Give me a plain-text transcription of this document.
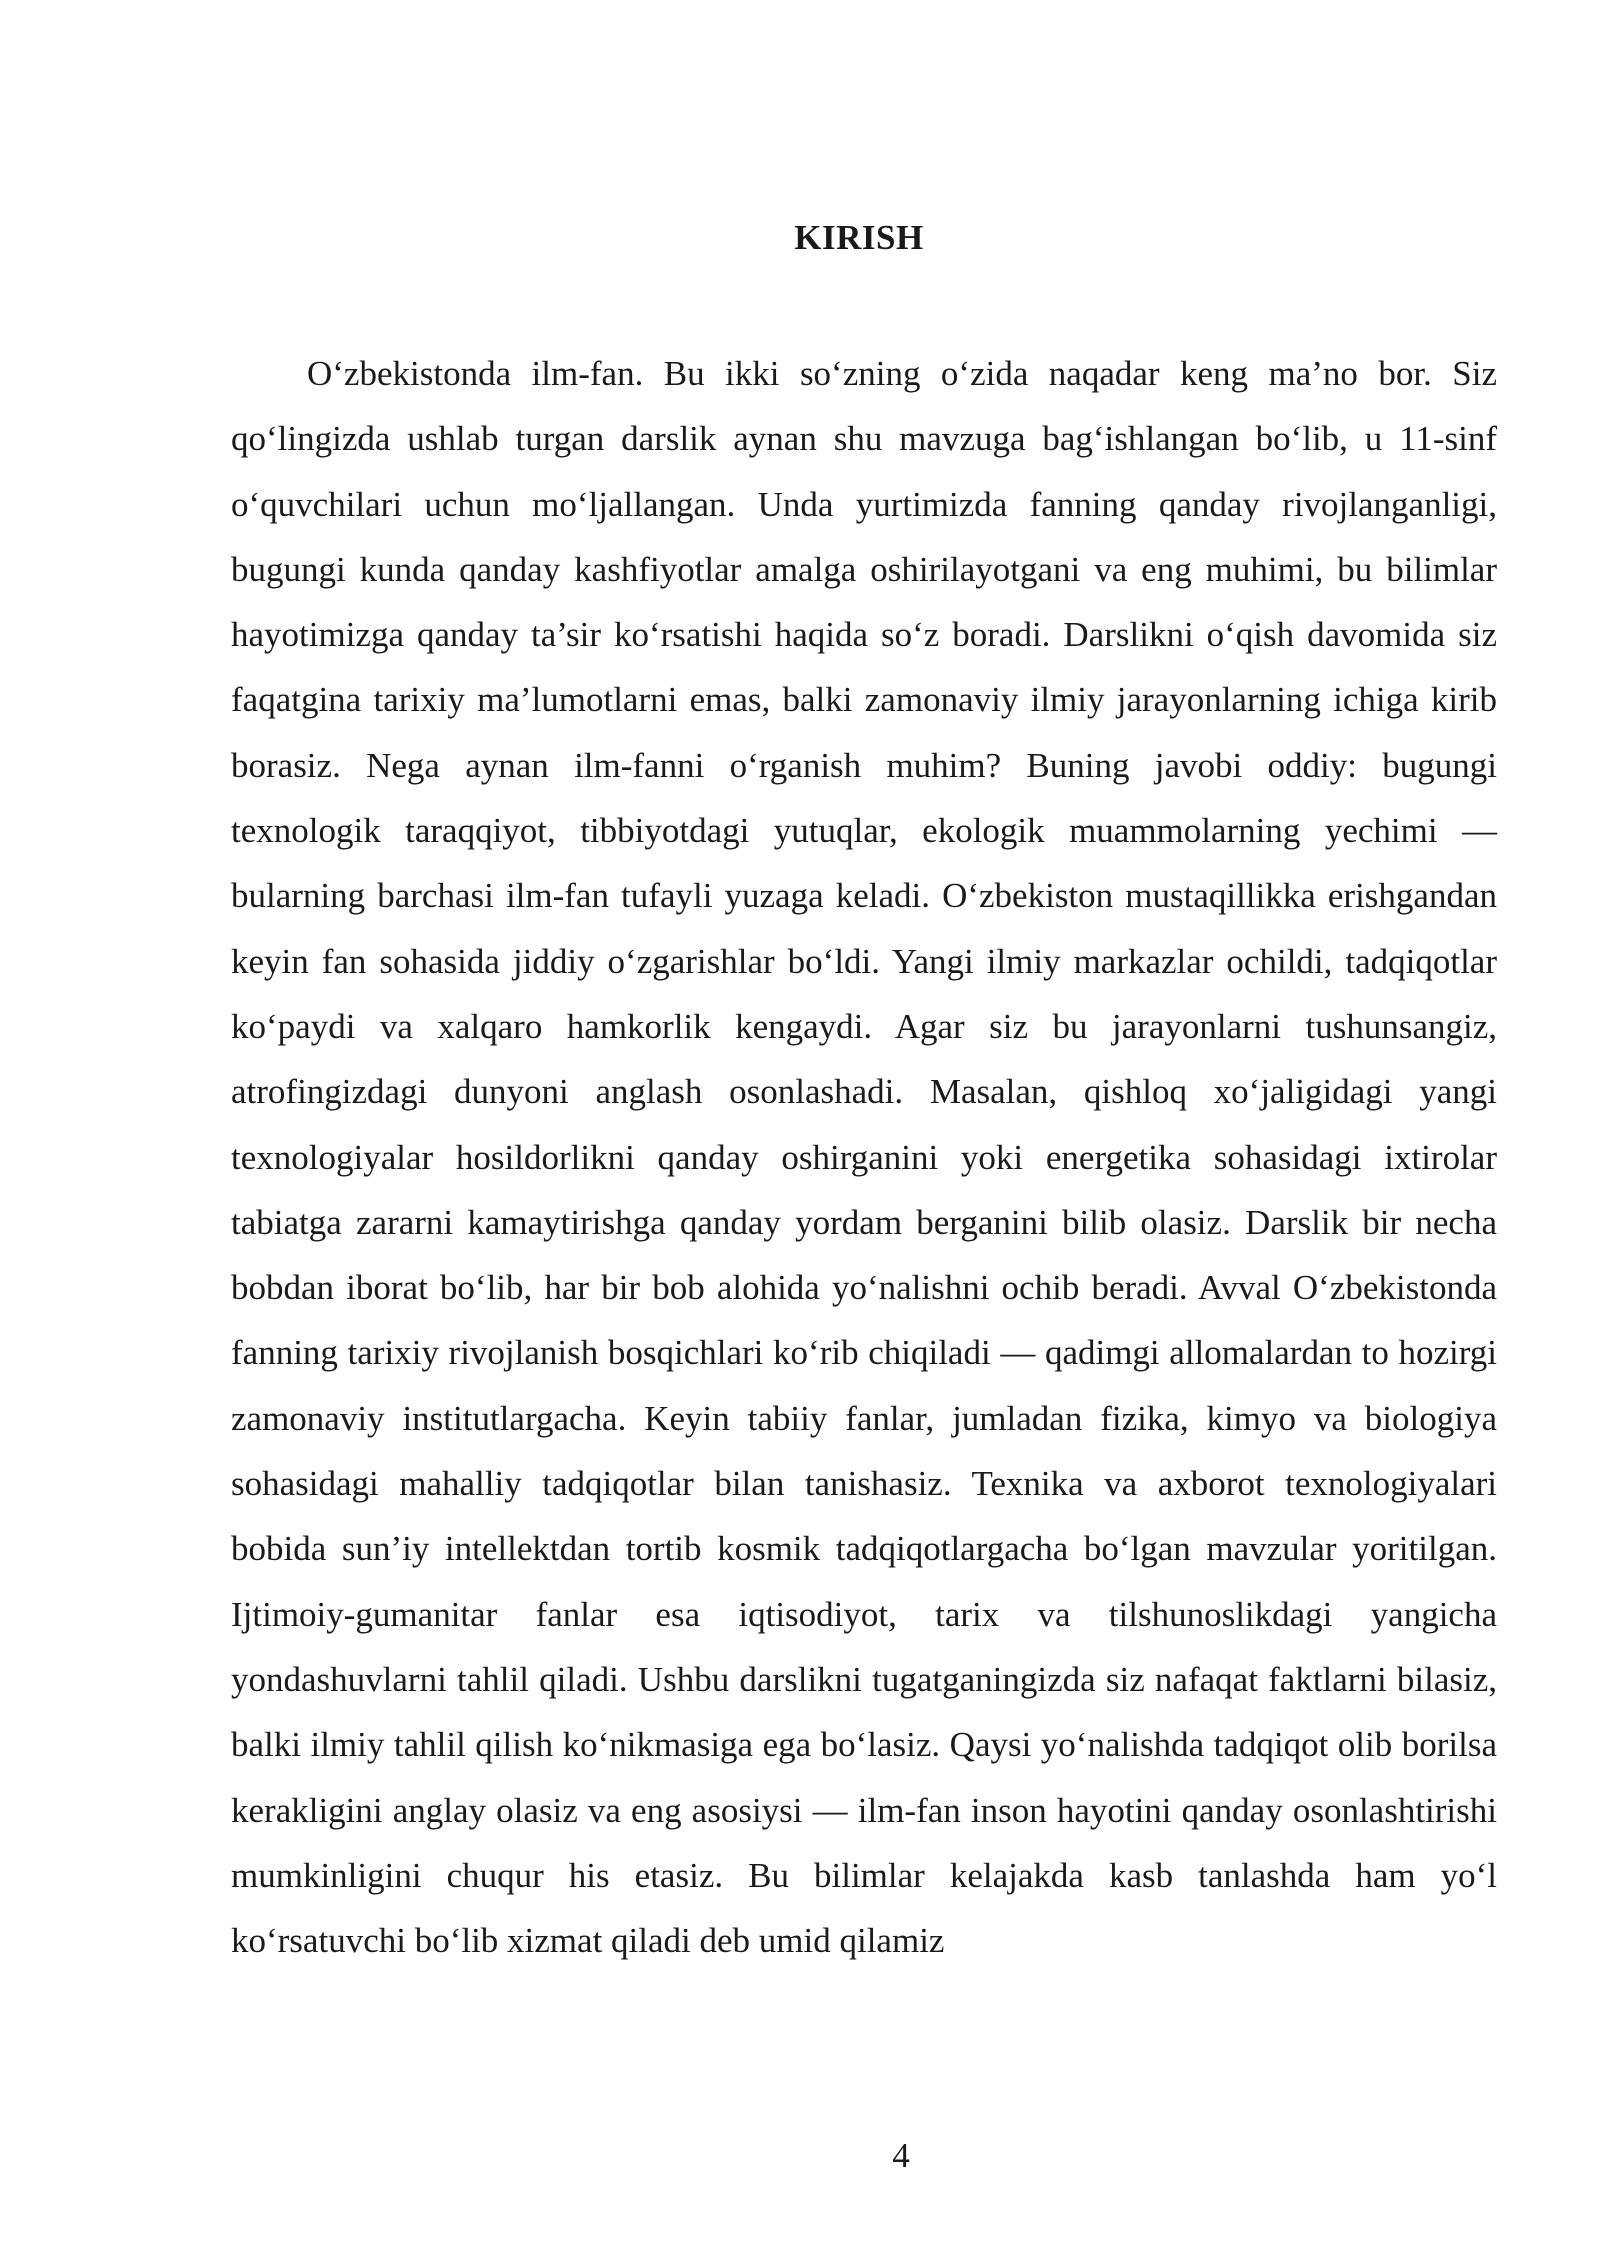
KIRISH

O‘zbekistonda ilm-fan. Bu ikki so‘zning o‘zida naqadar keng ma’no bor. Siz qo‘lingizda ushlab turgan darslik aynan shu mavzuga bag‘ishlangan bo‘lib, u 11-sinf o‘quvchilari uchun mo‘ljallangan. Unda yurtimizda fanning qanday rivojlanganligi, bugungi kunda qanday kashfiyotlar amalga oshirilayotgani va eng muhimi, bu bilimlar hayotimizga qanday ta’sir ko‘rsatishi haqida so‘z boradi. Darslikni o‘qish davomida siz faqatgina tarixiy ma’lumotlarni emas, balki zamonaviy ilmiy jarayonlarning ichiga kirib borasiz. Nega aynan ilm-fanni o‘rganish muhim? Buning javobi oddiy: bugungi texnologik taraqqiyot, tibbiyotdagi yutuqlar, ekologik muammolarning yechimi — bularning barchasi ilm-fan tufayli yuzaga keladi. O‘zbekiston mustaqillikka erishgandan keyin fan sohasida jiddiy o‘zgarishlar bo‘ldi. Yangi ilmiy markazlar ochildi, tadqiqotlar ko‘paydi va xalqaro hamkorlik kengaydi. Agar siz bu jarayonlarni tushunsangiz, atrofingizdagi dunyoni anglash osonlashadi. Masalan, qishloq xo‘jaligidagi yangi texnologiyalar hosildorlikni qanday oshirganini yoki energetika sohasidagi ixtirolar tabiatga zararni kamaytirishga qanday yordam berganini bilib olasiz. Darslik bir necha bobdan iborat bo‘lib, har bir bob alohida yo‘nalishni ochib beradi. Avval O‘zbekistonda fanning tarixiy rivojlanish bosqichlari ko‘rib chiqiladi — qadimgi allomalardan to hozirgi zamonaviy institutlargacha. Keyin tabiiy fanlar, jumladan fizika, kimyo va biologiya sohasidagi mahalliy tadqiqotlar bilan tanishasiz. Texnika va axborot texnologiyalari bobida sun’iy intellektdan tortib kosmik tadqiqotlargacha bo‘lgan mavzular yoritilgan. Ijtimoiy-gumanitar fanlar esa iqtisodiyot, tarix va tilshunoslikdagi yangicha yondashuvlarni tahlil qiladi. Ushbu darslikni tugatganingizda siz nafaqat faktlarni bilasiz, balki ilmiy tahlil qilish ko‘nikmasiga ega bo‘lasiz. Qaysi yo‘nalishda tadqiqot olib borilsa kerakligini anglay olasiz va eng asosiysi — ilm-fan inson hayotini qanday osonlashtirishi mumkinligini chuqur his etasiz. Bu bilimlar kelajakda kasb tanlashda ham yo‘l ko‘rsatuvchi bo‘lib xizmat qiladi deb umid qilamiz

4
